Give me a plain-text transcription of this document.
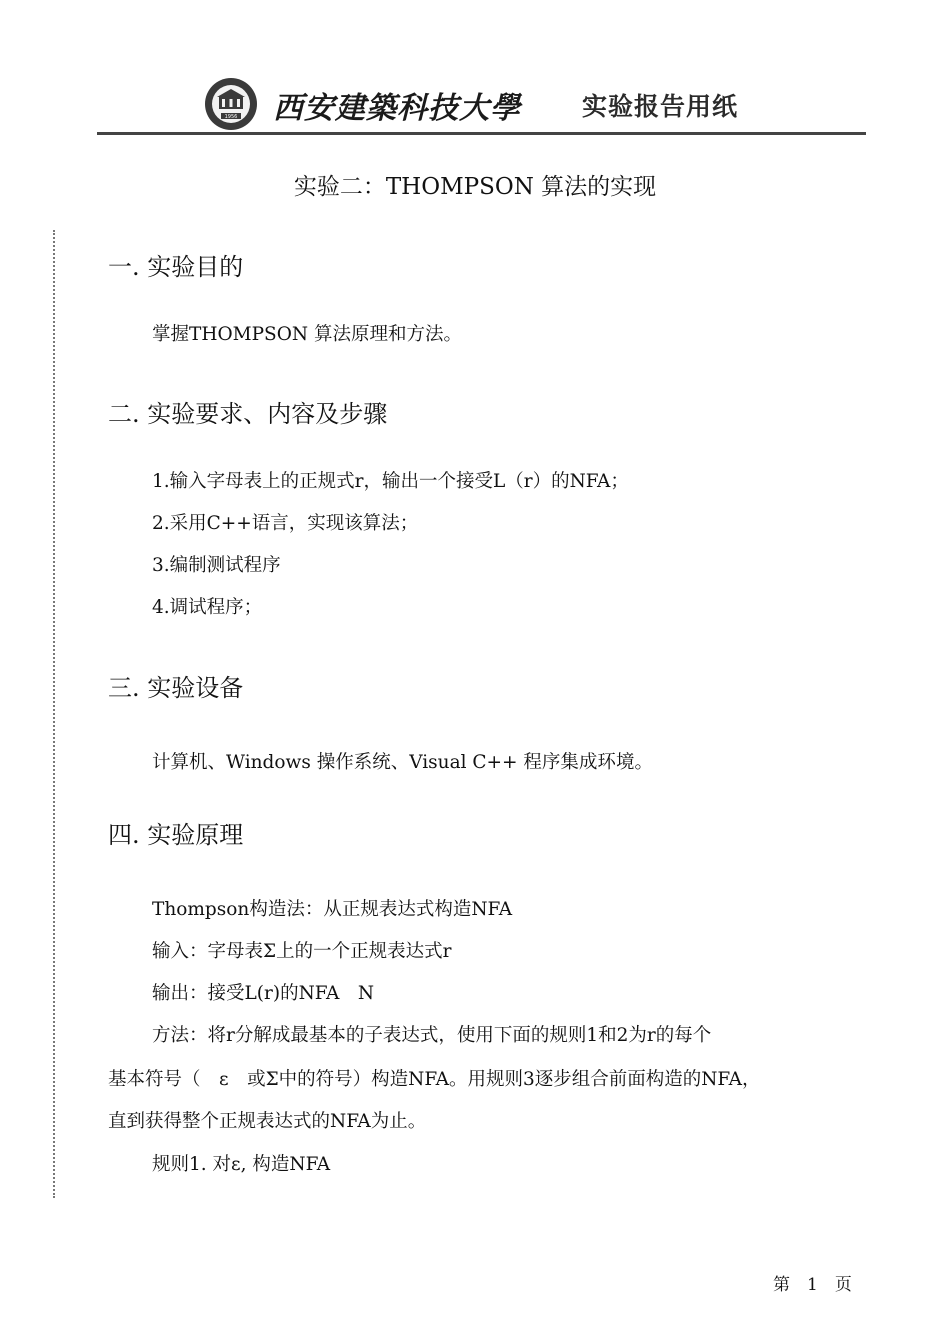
1956 西安建築科技大學 实验报告用纸
实验二：THOMPSON 算法的实现
一. 实验目的
掌握THOMPSON 算法原理和方法。
二. 实验要求、内容及步骤
1.输入字母表上的正规式r，输出一个接受L（r）的NFA；
2.采用C++语言，实现该算法；
3.编制测试程序
4.调试程序；
三. 实验设备
计算机、Windows 操作系统、Visual C++ 程序集成环境。
四. 实验原理
Thompson构造法：从正规表达式构造NFA
输入：字母表Σ上的一个正规表达式r
输出：接受L(r)的NFA　N
方法：将r分解成最基本的子表达式，使用下面的规则1和2为r的每个
基本符号（　ε　或Σ中的符号）构造NFA。用规则3逐步组合前面构造的NFA，
直到获得整个正规表达式的NFA为止。
规则1. 对ε, 构造NFA
第　1　页
